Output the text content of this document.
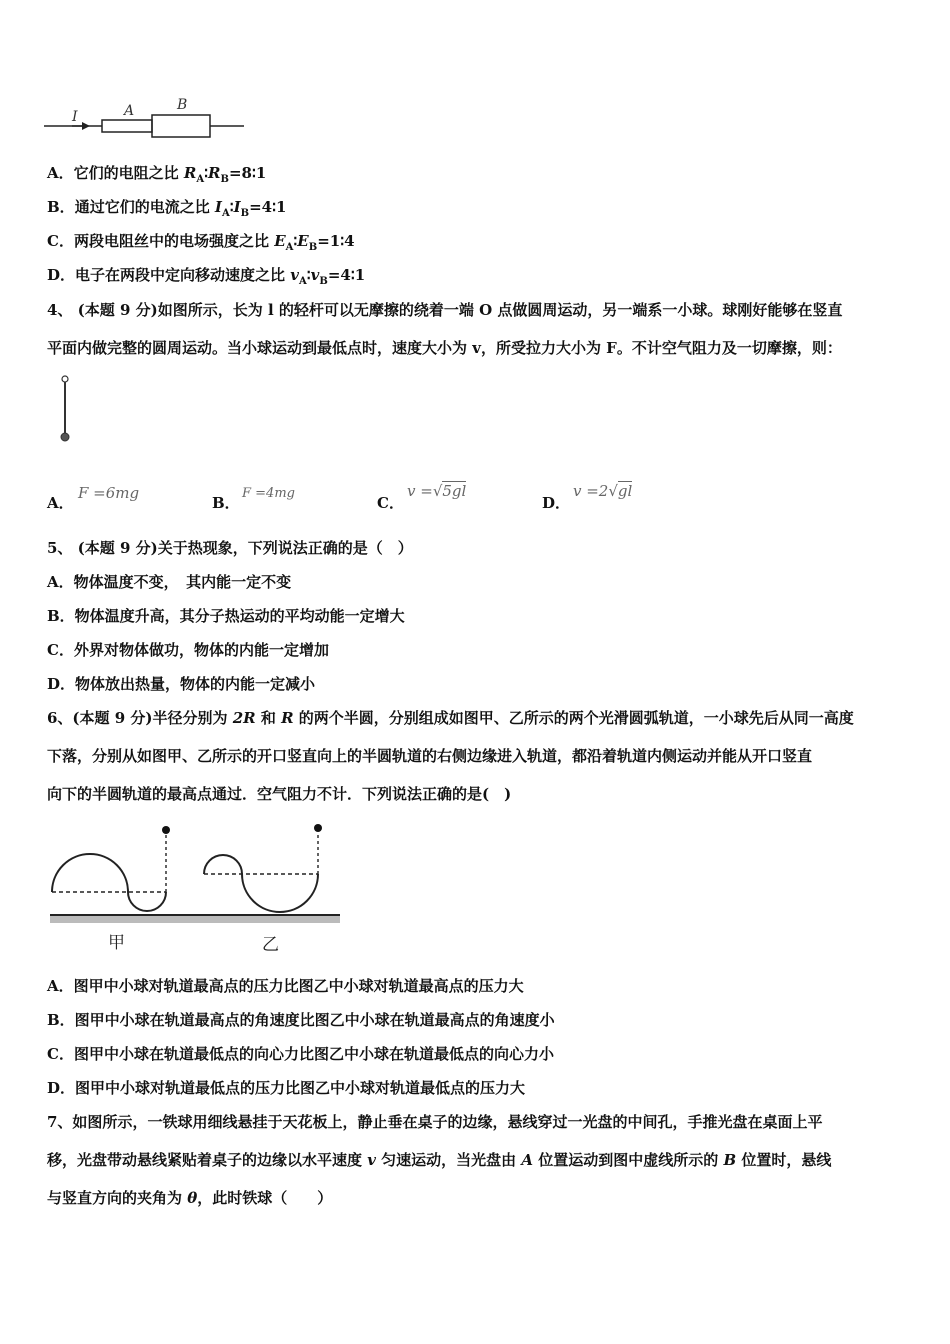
I	A	B
A．它们的电阻之比 $R_A∶R_B=8∶1$
B．通过它们的电流之比 $I_A∶I_B=4∶1$
C．两段电阻丝中的电场强度之比 $E_A∶E_B=1∶4$
D．电子在两段中定向移动速度之比 $v_A∶v_B=4∶1$
4、 (本题 9 分)如图所示，长为 l 的轻杆可以无摩擦的绕着一端 O 点做圆周运动，另一端系一小球。球刚好能够在竖直
平面内做完整的圆周运动。当小球运动到最低点时，速度大小为 v，所受拉力大小为 F。不计空气阻力及一切摩擦，则：
A．
F =6mg
B．
F =4mg
C．
v =√5gl
D．
v =2√gl
5、 (本题 9 分)关于热现象，下列说法正确的是（　）
A．物体温度不变，　其内能一定不变
B．物体温度升高，其分子热运动的平均动能一定增大
C．外界对物体做功，物体的内能一定增加
D．物体放出热量，物体的内能一定减小
6、(本题 9 分)半径分别为 2R 和 R 的两个半圆，分别组成如图甲、乙所示的两个光滑圆弧轨道，一小球先后从同一高度
下落，分别从如图甲、乙所示的开口竖直向上的半圆轨道的右侧边缘进入轨道，都沿着轨道内侧运动并能从开口竖直
向下的半圆轨道的最高点通过．空气阻力不计．下列说法正确的是(　)
甲	乙
A．图甲中小球对轨道最高点的压力比图乙中小球对轨道最高点的压力大
B．图甲中小球在轨道最高点的角速度比图乙中小球在轨道最高点的角速度小
C．图甲中小球在轨道最低点的向心力比图乙中小球在轨道最低点的向心力小
D．图甲中小球对轨道最低点的压力比图乙中小球对轨道最低点的压力大
7、如图所示，一铁球用细线悬挂于天花板上，静止垂在桌子的边缘，悬线穿过一光盘的中间孔，手推光盘在桌面上平
移，光盘带动悬线紧贴着桌子的边缘以水平速度 v 匀速运动，当光盘由 A 位置运动到图中虚线所示的 B 位置时，悬线
与竖直方向的夹角为 θ，此时铁球（　　）
